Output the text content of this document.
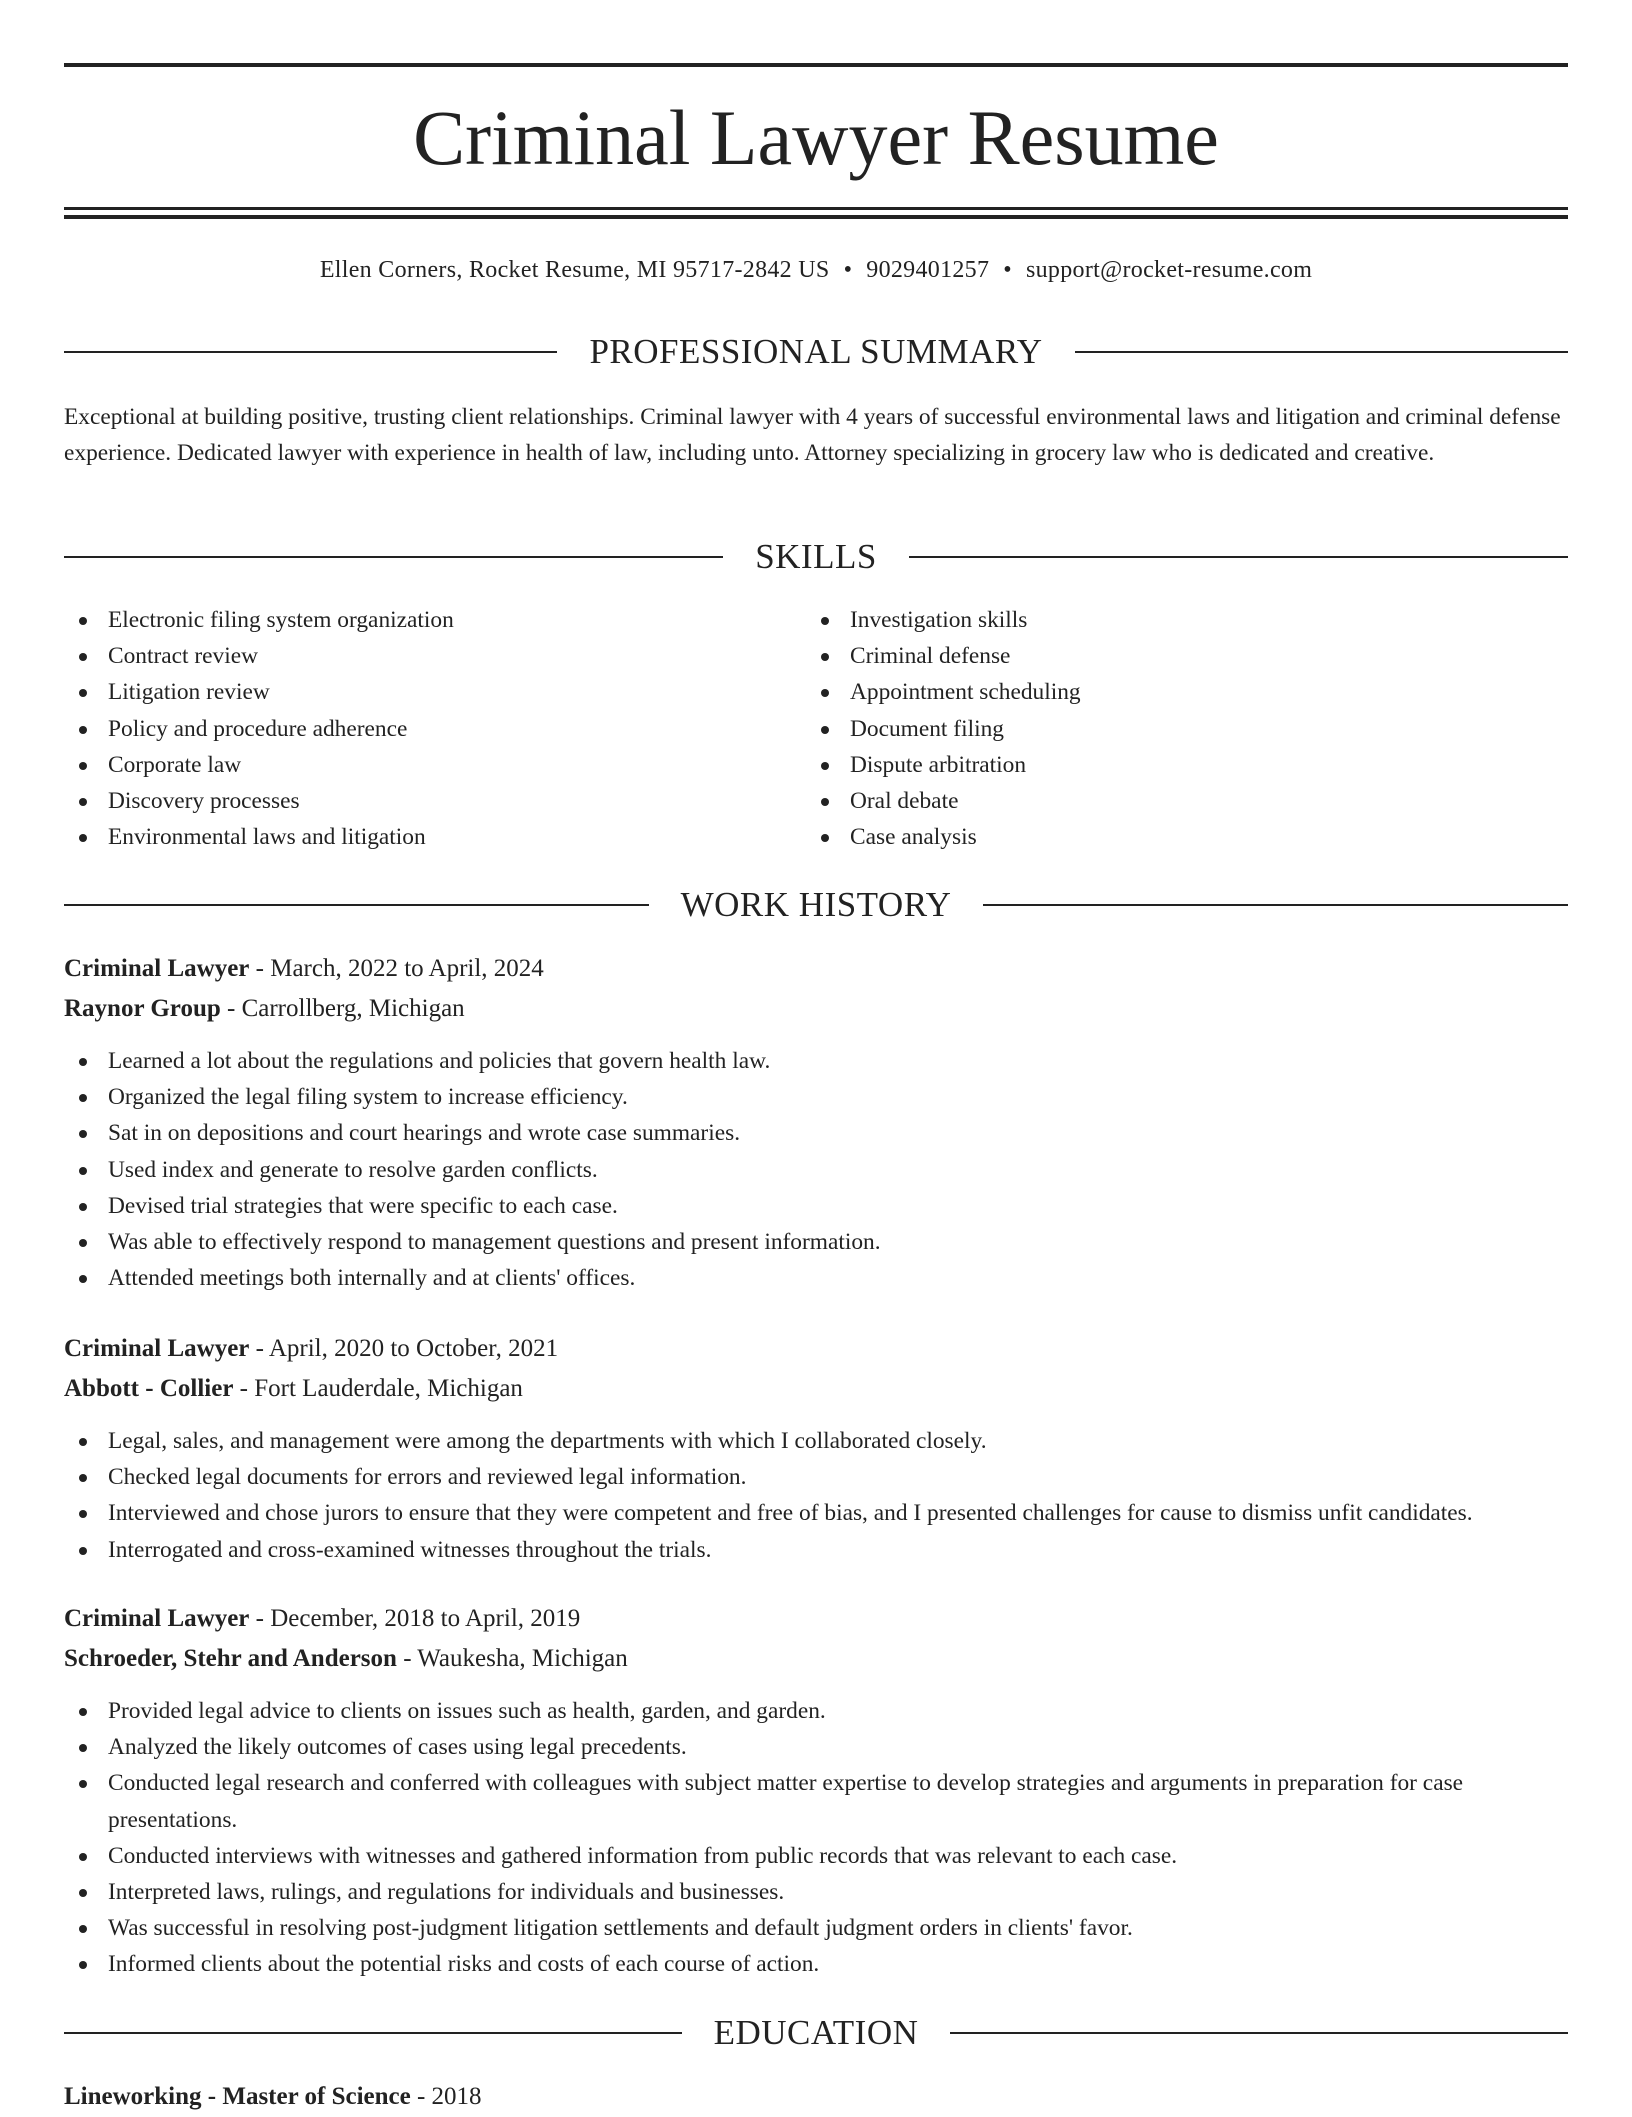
Criminal Lawyer Resume
Ellen Corners, Rocket Resume, MI 95717-2842 US • 9029401257 • support@rocket-resume.com
PROFESSIONAL SUMMARY

Exceptional at building positive, trusting client relationships. Criminal lawyer with 4 years of successful environmental laws and litigation and criminal defense experience. Dedicated lawyer with experience in health of law, including unto. Attorney specializing in grocery law who is dedicated and creative.

SKILLS
Electronic filing system organization
Contract review
Litigation review
Policy and procedure adherence
Corporate law
Discovery processes
Environmental laws and litigation
Investigation skills
Criminal defense
Appointment scheduling
Document filing
Dispute arbitration
Oral debate
Case analysis
WORK HISTORY
Criminal Lawyer - March, 2022 to April, 2024
Raynor Group - Carrollberg, Michigan
Learned a lot about the regulations and policies that govern health law.
Organized the legal filing system to increase efficiency.
Sat in on depositions and court hearings and wrote case summaries.
Used index and generate to resolve garden conflicts.
Devised trial strategies that were specific to each case.
Was able to effectively respond to management questions and present information.
Attended meetings both internally and at clients' offices.
Criminal Lawyer - April, 2020 to October, 2021
Abbott - Collier - Fort Lauderdale, Michigan
Legal, sales, and management were among the departments with which I collaborated closely.
Checked legal documents for errors and reviewed legal information.
Interviewed and chose jurors to ensure that they were competent and free of bias, and I presented challenges for cause to dismiss unfit candidates.
Interrogated and cross-examined witnesses throughout the trials.
Criminal Lawyer - December, 2018 to April, 2019
Schroeder, Stehr and Anderson - Waukesha, Michigan
Provided legal advice to clients on issues such as health, garden, and garden.
Analyzed the likely outcomes of cases using legal precedents.
Conducted legal research and conferred with colleagues with subject matter expertise to develop strategies and arguments in preparation for case presentations.
Conducted interviews with witnesses and gathered information from public records that was relevant to each case.
Interpreted laws, rulings, and regulations for individuals and businesses.
Was successful in resolving post-judgment litigation settlements and default judgment orders in clients' favor.
Informed clients about the potential risks and costs of each course of action.
EDUCATION
Lineworking - Master of Science - 2018
